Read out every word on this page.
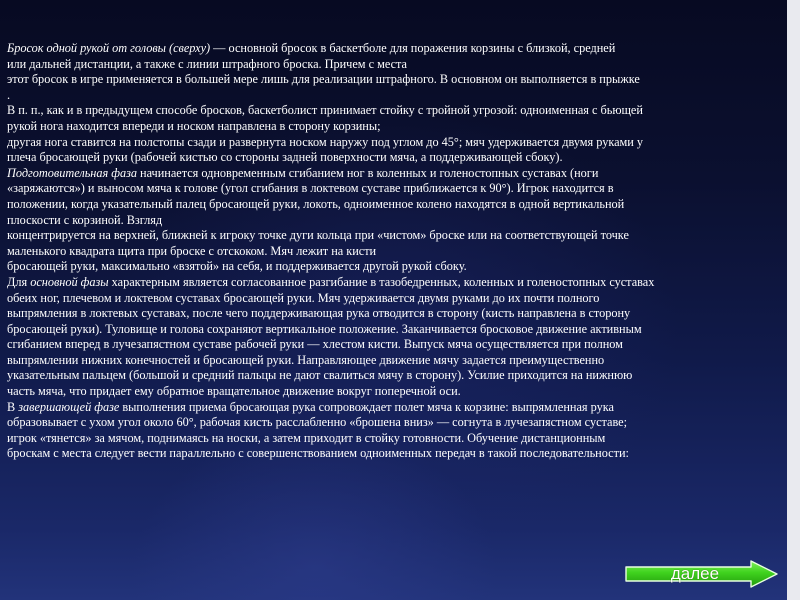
Бросок одной рукой от головы (сверху) — основной бросок в баскетболе для поражения корзины с близкой, средней
или дальней дистанции, а также с линии штрафного броска. Причем с места
этот бросок в игре применяется в большей мере лишь для реализации штрафного. В основном он выполняется в прыжке
.
В п. п., как и в предыдущем способе бросков, баскетболист принимает стойку с тройной угрозой: одноименная с бьющей
рукой нога находится впереди и носком направлена в сторону корзины;
другая нога ставится на полстопы сзади и развернута носком наружу под углом до 45°; мяч удерживается двумя руками у
плеча бросающей руки (рабочей кистью со стороны задней поверхности мяча, а поддерживающей сбоку).
Подготовительная фаза начинается одновременным сгибанием ног в коленных и голеностопных суставах (ноги
«заряжаются») и выносом мяча к голове (угол сгибания в локтевом суставе приближается к 90°). Игрок находится в
положении, когда указательный палец бросающей руки, локоть, одноименное колено находятся в одной вертикальной
плоскости с корзиной. Взгляд
концентрируется на верхней, ближней к игроку точке дуги кольца при «чистом» броске или на соответствующей точке
маленького квадрата щита при броске с отскоком. Мяч лежит на кисти
бросающей руки, максимально «взятой» на себя, и поддерживается другой рукой сбоку.
Для основной фазы характерным является согласованное разгибание в тазобедренных, коленных и голеностопных суставах
обеих ног, плечевом и локтевом суставах бросающей руки. Мяч удерживается двумя руками до их почти полного
выпрямления в локтевых суставах, после чего поддерживающая рука отводится в сторону (кисть направлена в сторону
бросающей руки). Туловище и голова сохраняют вертикальное положение. Заканчивается бросковое движение активным
сгибанием вперед в лучезапястном суставе рабочей руки — хлестом кисти. Выпуск мяча осуществляется при полном
выпрямлении нижних конечностей и бросающей руки. Направляющее движение мячу задается преимущественно
указательным пальцем (большой и средний пальцы не дают свалиться мячу в сторону). Усилие приходится на нижнюю
часть мяча, что придает ему обратное вращательное движение вокруг поперечной оси.
В завершающей фазе выполнения приема бросающая рука сопровождает полет мяча к корзине: выпрямленная рука
образовывает с ухом угол около 60°, рабочая кисть расслабленно «брошена вниз» — согнута в лучезапястном суставе;
игрок «тянется» за мячом, поднимаясь на носки, а затем приходит в стойку готовности. Обучение дистанционным
броскам с места следует вести параллельно с совершенствованием одноименных передач в такой последовательности:
далее
